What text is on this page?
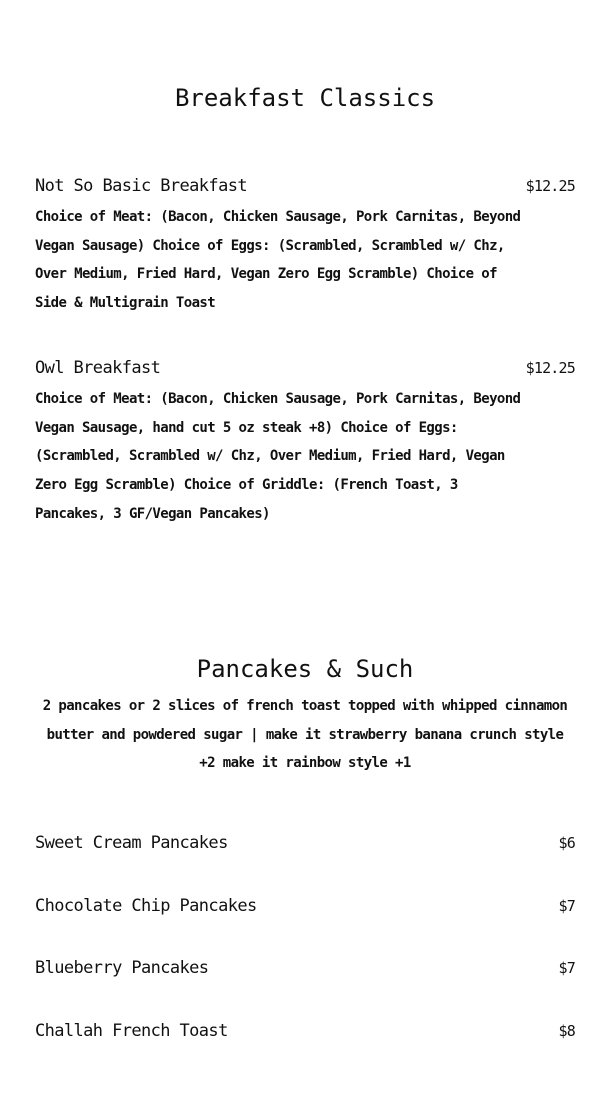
Breakfast Classics
Not So Basic Breakfast	$12.25

Choice of Meat: (Bacon, Chicken Sausage, Pork Carnitas, Beyond Vegan Sausage) Choice of Eggs: (Scrambled, Scrambled w/ Chz, Over Medium, Fried Hard, Vegan Zero Egg Scramble) Choice of Side & Multigrain Toast

Owl Breakfast	$12.25

Choice of Meat: (Bacon, Chicken Sausage, Pork Carnitas, Beyond Vegan Sausage, hand cut 5 oz steak +8) Choice of Eggs: (Scrambled, Scrambled w/ Chz, Over Medium, Fried Hard, Vegan Zero Egg Scramble) Choice of Griddle: (French Toast, 3 Pancakes, 3 GF/Vegan Pancakes)

Pancakes & Such

2 pancakes or 2 slices of french toast topped with whipped cinnamon butter and powdered sugar | make it strawberry banana crunch style +2 make it rainbow style +1

Sweet Cream Pancakes	$6
Chocolate Chip Pancakes	$7
Blueberry Pancakes	$7
Challah French Toast	$8
